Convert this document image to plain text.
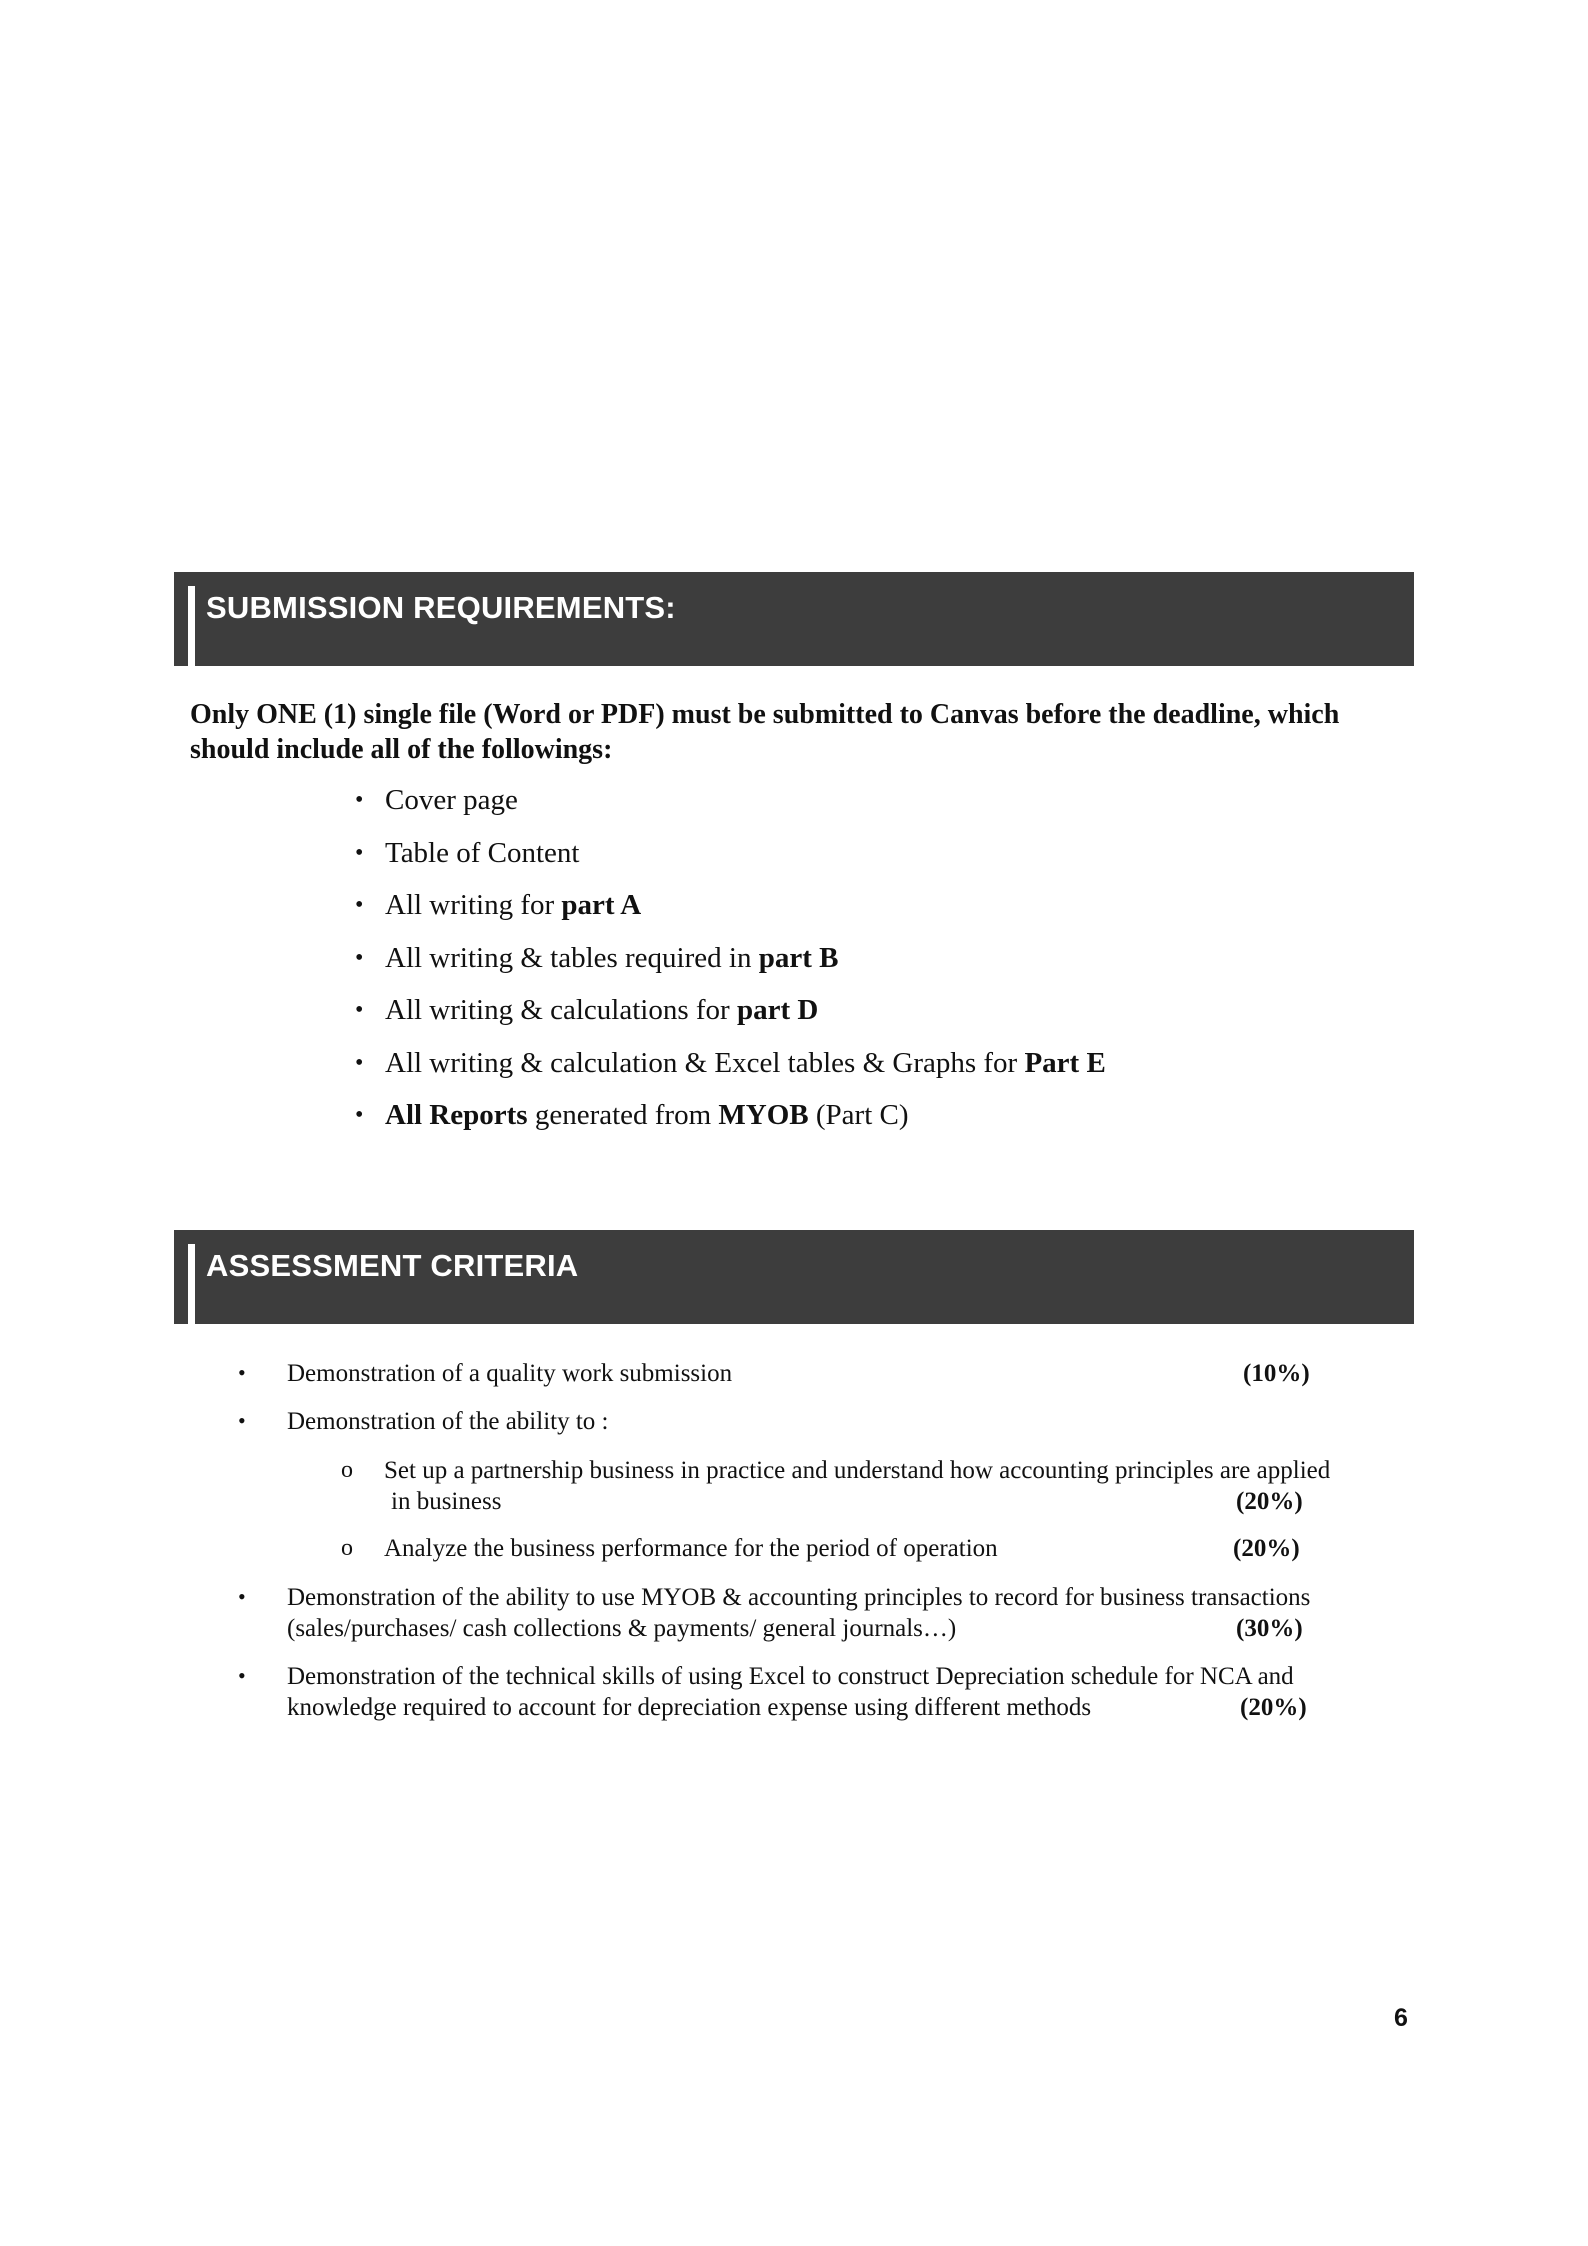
SUBMISSION REQUIREMENTS:
Only ONE (1) single file (Word or PDF) must be submitted to Canvas before the deadline, which should include all of the followings:
• Cover page
• Table of Content
• All writing for part A
• All writing & tables required in part B
• All writing & calculations for part D
• All writing & calculation & Excel tables & Graphs for Part E
• All Reports generated from MYOB (Part C)
ASSESSMENT CRITERIA
• Demonstration of a quality work submission	(10%)
• Demonstration of the ability to :
o Set up a partnership business in practice and understand how accounting principles are applied
in business	(20%)
o Analyze the business performance for the period of operation	(20%)
• Demonstration of the ability to use MYOB & accounting principles to record for business transactions
(sales/purchases/ cash collections & payments/ general journals…)	(30%)
• Demonstration of the technical skills of using Excel to construct Depreciation schedule for NCA and
knowledge required to account for depreciation expense using different methods	(20%)
6
